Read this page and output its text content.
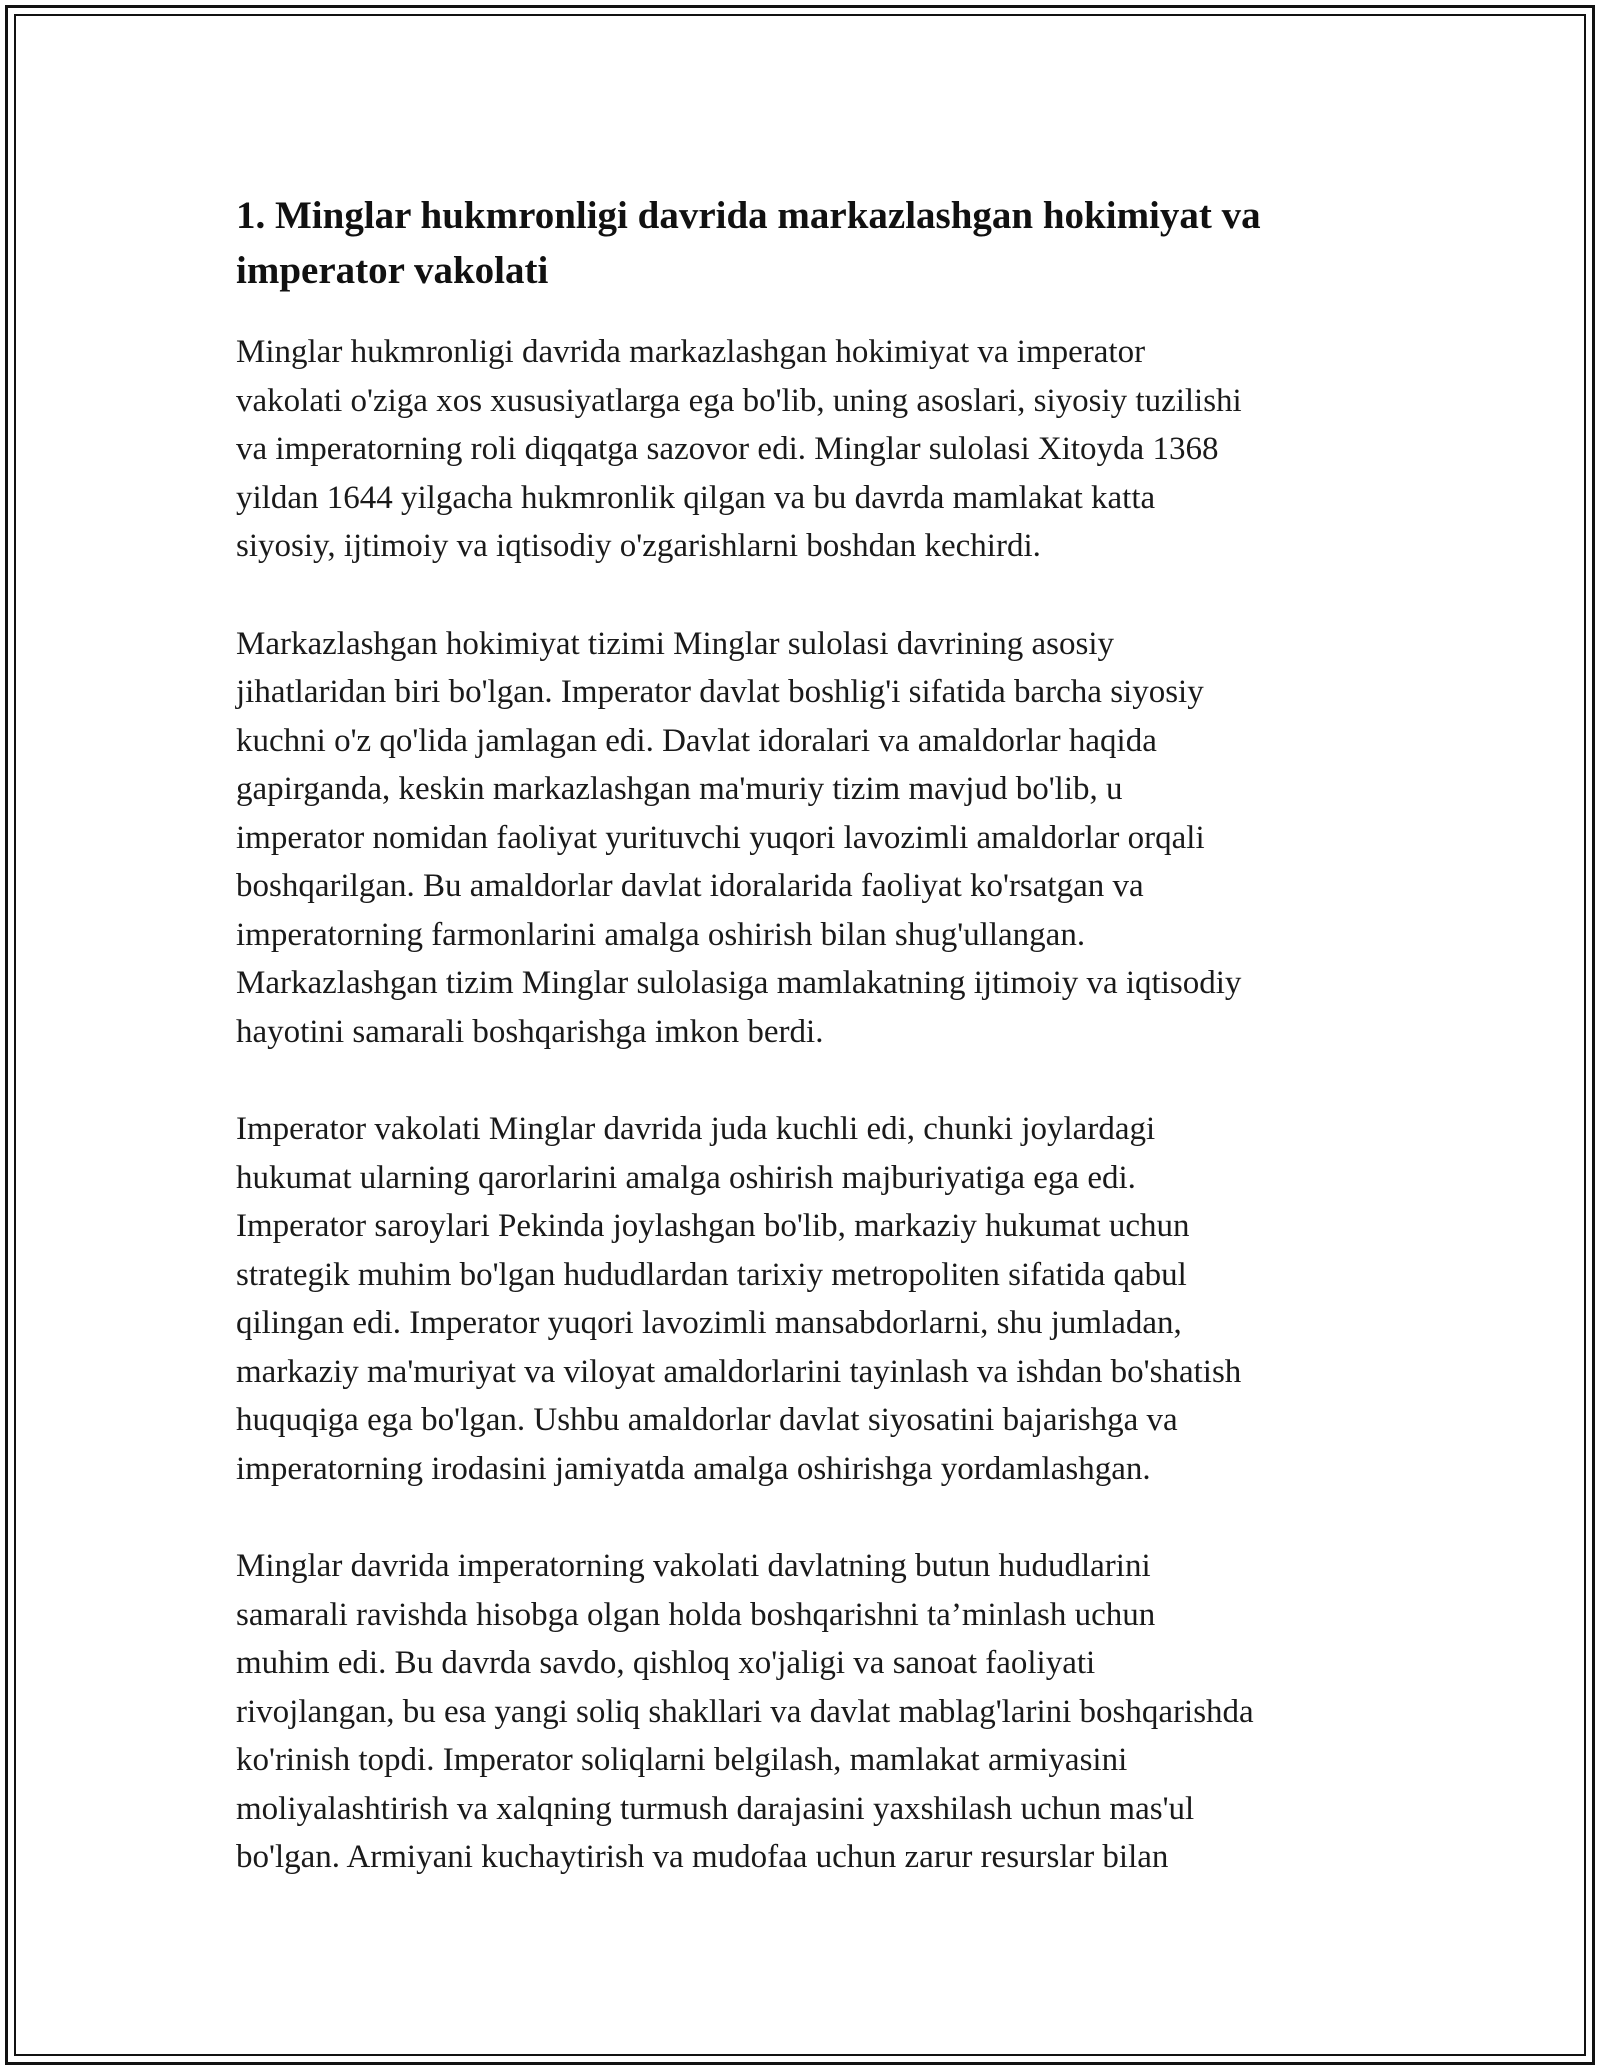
1. Minglar hukmronligi davrida markazlashgan hokimiyat va
imperator vakolati

Minglar hukmronligi davrida markazlashgan hokimiyat va imperator
vakolati o'ziga xos xususiyatlarga ega bo'lib, uning asoslari, siyosiy tuzilishi
va imperatorning roli diqqatga sazovor edi. Minglar sulolasi Xitoyda 1368
yildan 1644 yilgacha hukmronlik qilgan va bu davrda mamlakat katta
siyosiy, ijtimoiy va iqtisodiy o'zgarishlarni boshdan kechirdi.

Markazlashgan hokimiyat tizimi Minglar sulolasi davrining asosiy
jihatlaridan biri bo'lgan. Imperator davlat boshlig'i sifatida barcha siyosiy
kuchni o'z qo'lida jamlagan edi. Davlat idoralari va amaldorlar haqida
gapirganda, keskin markazlashgan ma'muriy tizim mavjud bo'lib, u
imperator nomidan faoliyat yurituvchi yuqori lavozimli amaldorlar orqali
boshqarilgan. Bu amaldorlar davlat idoralarida faoliyat ko'rsatgan va
imperatorning farmonlarini amalga oshirish bilan shug'ullangan.
Markazlashgan tizim Minglar sulolasiga mamlakatning ijtimoiy va iqtisodiy
hayotini samarali boshqarishga imkon berdi.

Imperator vakolati Minglar davrida juda kuchli edi, chunki joylardagi
hukumat ularning qarorlarini amalga oshirish majburiyatiga ega edi.
Imperator saroylari Pekinda joylashgan bo'lib, markaziy hukumat uchun
strategik muhim bo'lgan hududlardan tarixiy metropoliten sifatida qabul
qilingan edi. Imperator yuqori lavozimli mansabdorlarni, shu jumladan,
markaziy ma'muriyat va viloyat amaldorlarini tayinlash va ishdan bo'shatish
huquqiga ega bo'lgan. Ushbu amaldorlar davlat siyosatini bajarishga va
imperatorning irodasini jamiyatda amalga oshirishga yordamlashgan.

Minglar davrida imperatorning vakolati davlatning butun hududlarini
samarali ravishda hisobga olgan holda boshqarishni ta’minlash uchun
muhim edi. Bu davrda savdo, qishloq xo'jaligi va sanoat faoliyati
rivojlangan, bu esa yangi soliq shakllari va davlat mablag'larini boshqarishda
ko'rinish topdi. Imperator soliqlarni belgilash, mamlakat armiyasini
moliyalashtirish va xalqning turmush darajasini yaxshilash uchun mas'ul
bo'lgan. Armiyani kuchaytirish va mudofaa uchun zarur resurslar bilan
